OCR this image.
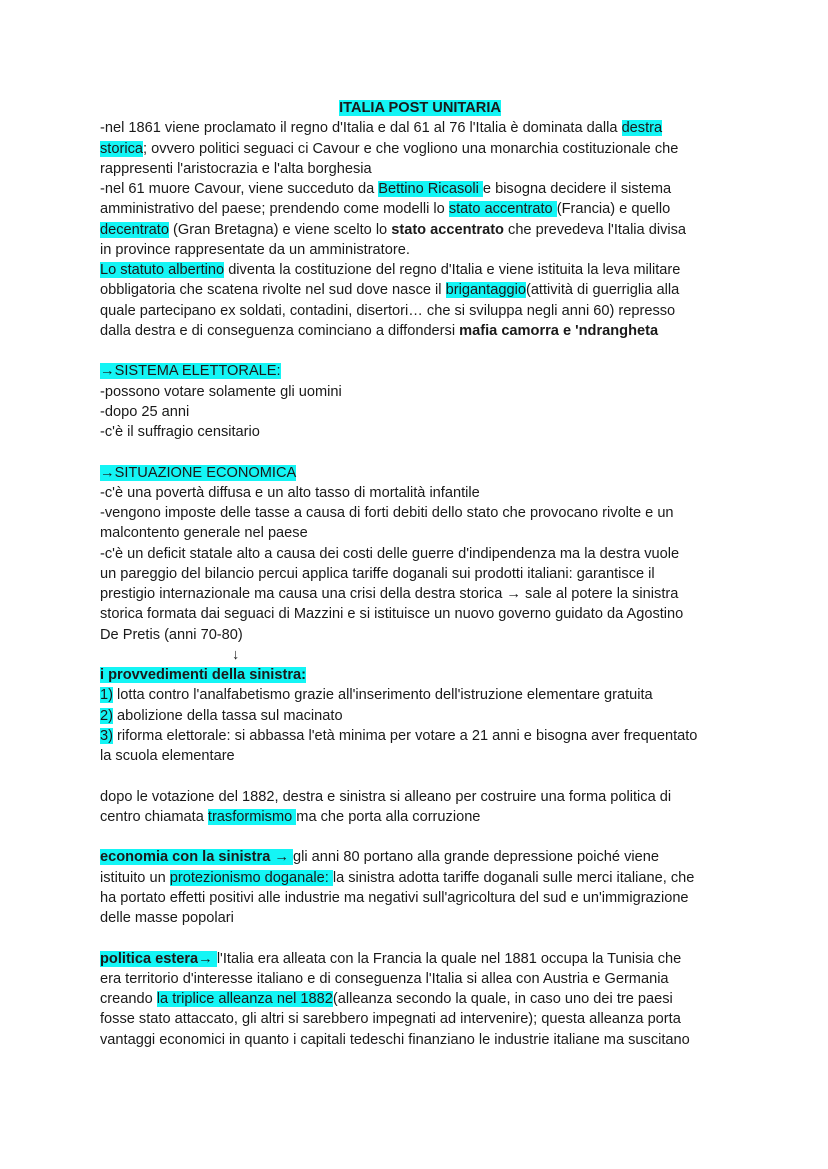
ITALIA POST UNITARIA
-nel 1861 viene proclamato il regno d'Italia e dal 61 al 76 l'Italia è dominata dalla destra
storica; ovvero politici seguaci ci Cavour e che vogliono una monarchia costituzionale che
rappresenti l'aristocrazia e l'alta borghesia
-nel 61 muore Cavour, viene succeduto da Bettino Ricasoli e bisogna decidere il sistema
amministrativo del paese; prendendo come modelli lo stato accentrato (Francia) e quello
decentrato (Gran Bretagna) e viene scelto lo stato accentrato che prevedeva l'Italia divisa
in province rappresentate da un amministratore.
Lo statuto albertino diventa la costituzione del regno d'Italia e viene istituita la leva militare
obbligatoria che scatena rivolte nel sud dove nasce il brigantaggio(attività di guerriglia alla
quale partecipano ex soldati, contadini, disertori… che si sviluppa negli anni 60) represso
dalla destra e di conseguenza cominciano a diffondersi mafia camorra e 'ndrangheta
→SISTEMA ELETTORALE:
-possono votare solamente gli uomini
-dopo 25 anni
-c'è il suffragio censitario
→SITUAZIONE ECONOMICA
-c'è una povertà diffusa e un alto tasso di mortalità infantile
-vengono imposte delle tasse a causa di forti debiti dello stato che provocano rivolte e un
malcontento generale nel paese
-c'è un deficit statale alto a causa dei costi delle guerre d'indipendenza ma la destra vuole
un pareggio del bilancio percui applica tariffe doganali sui prodotti italiani: garantisce il
prestigio internazionale ma causa una crisi della destra storica → sale al potere la sinistra
storica formata dai seguaci di Mazzini e si istituisce un nuovo governo guidato da Agostino
De Pretis (anni 70-80)
↓
i provvedimenti della sinistra:
1) lotta contro l'analfabetismo grazie all'inserimento dell'istruzione elementare gratuita
2) abolizione della tassa sul macinato
3) riforma elettorale: si abbassa l'età minima per votare a 21 anni e bisogna aver frequentato
la scuola elementare
dopo le votazione del 1882, destra e sinistra si alleano per costruire una forma politica di
centro chiamata trasformismo ma che porta alla corruzione
economia con la sinistra → gli anni 80 portano alla grande depressione poiché viene
istituito un protezionismo doganale: la sinistra adotta tariffe doganali sulle merci italiane, che
ha portato effetti positivi alle industrie ma negativi sull'agricoltura del sud e un'immigrazione
delle masse popolari
politica estera→ l'Italia era alleata con la Francia la quale nel 1881 occupa la Tunisia che
era territorio d'interesse italiano e di conseguenza l'Italia si allea con Austria e Germania
creando la triplice alleanza nel 1882(alleanza secondo la quale, in caso uno dei tre paesi
fosse stato attaccato, gli altri si sarebbero impegnati ad intervenire); questa alleanza porta
vantaggi economici in quanto i capitali tedeschi finanziano le industrie italiane ma suscitano
